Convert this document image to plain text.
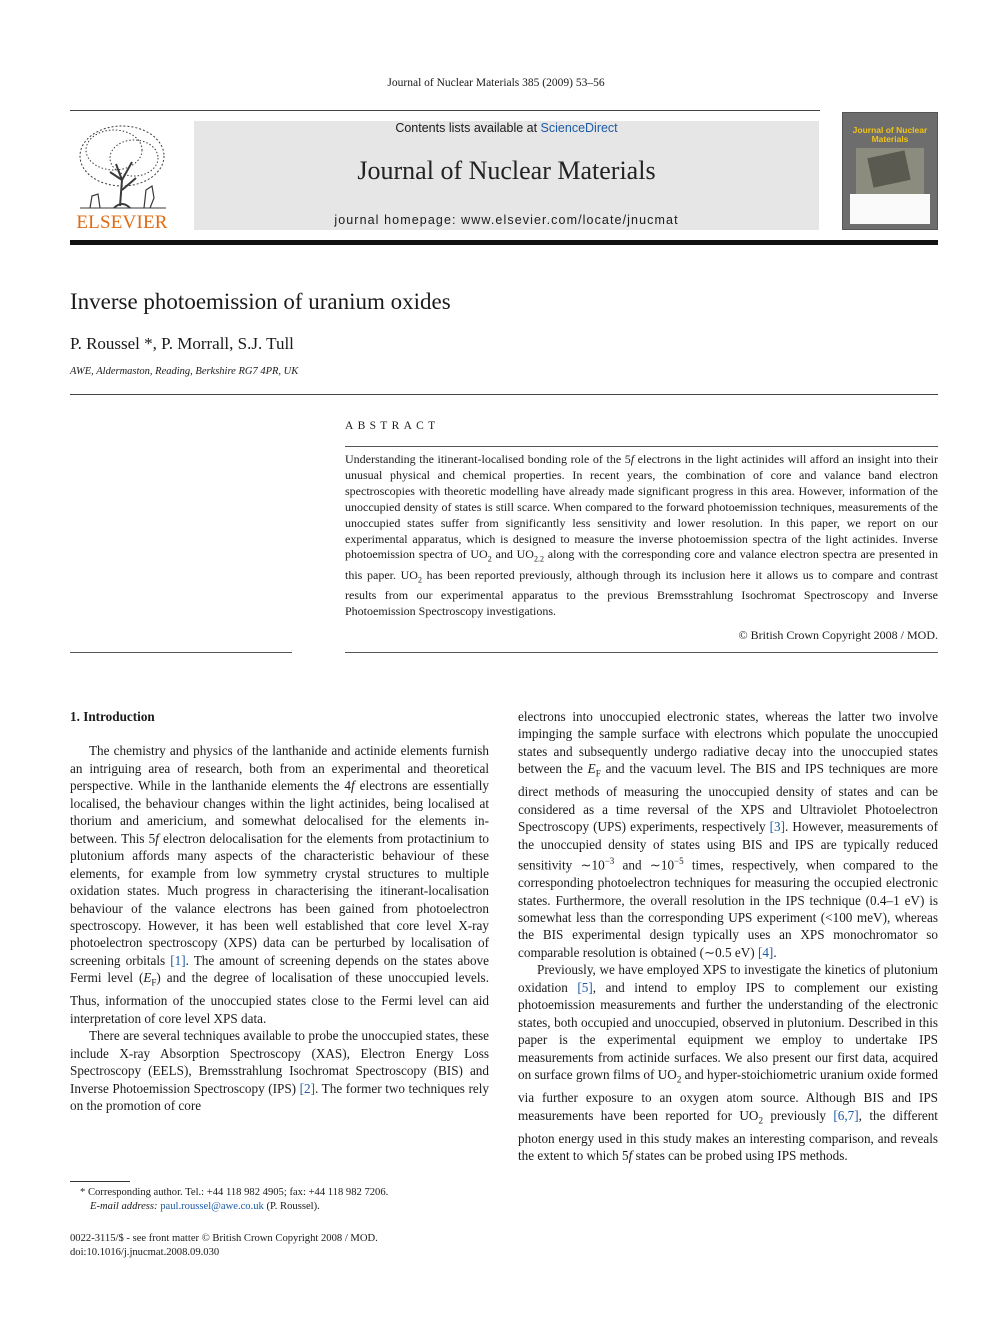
Journal of Nuclear Materials 385 (2009) 53–56
ELSEVIER
Contents lists available at ScienceDirect
Journal of Nuclear Materials
journal homepage: www.elsevier.com/locate/jnucmat
Journal of Nuclear Materials
Inverse photoemission of uranium oxides
P. Roussel *, P. Morrall, S.J. Tull
AWE, Aldermaston, Reading, Berkshire RG7 4PR, UK
ABSTRACT
Understanding the itinerant-localised bonding role of the 5f electrons in the light actinides will afford an insight into their unusual physical and chemical properties. In recent years, the combination of core and valance band electron spectroscopies with theoretic modelling have already made significant progress in this area. However, information of the unoccupied density of states is still scarce. When compared to the forward photoemission techniques, measurements of the unoccupied states suffer from significantly less sensitivity and lower resolution. In this paper, we report on our experimental apparatus, which is designed to measure the inverse photoemission spectra of the light actinides. Inverse photoemission spectra of $UO_2$ and $UO_{2.2}$ along with the corresponding core and valance electron spectra are presented in this paper. $UO_2$ has been reported previously, although through its inclusion here it allows us to compare and contrast results from our experimental apparatus to the previous Bremsstrahlung Isochromat Spectroscopy and Inverse Photoemission Spectroscopy investigations.
© British Crown Copyright 2008 / MOD.
1. Introduction

The chemistry and physics of the lanthanide and actinide elements furnish an intriguing area of research, both from an experimental and theoretical perspective. While in the lanthanide elements the 4f electrons are essentially localised, the behaviour changes within the light actinides, being localised at thorium and americium, and somewhat delocalised for the elements in-between. This 5f electron delocalisation for the elements from protactinium to plutonium affords many aspects of the characteristic behaviour of these elements, for example from low symmetry crystal structures to multiple oxidation states. Much progress in characterising the itinerant-localisation behaviour of the valance electrons has been gained from photoelectron spectroscopy. However, it has been well established that core level X-ray photoelectron spectroscopy (XPS) data can be perturbed by localisation of screening orbitals [1]. The amount of screening depends on the states above Fermi level $(E_F)$ and the degree of localisation of these unoccupied levels. Thus, information of the unoccupied states close to the Fermi level can aid interpretation of core level XPS data.

There are several techniques available to probe the unoccupied states, these include X-ray Absorption Spectroscopy (XAS), Electron Energy Loss Spectroscopy (EELS), Bremsstrahlung Isochromat Spectroscopy (BIS) and Inverse Photoemission Spectroscopy (IPS) [2]. The former two techniques rely on the promotion of core

electrons into unoccupied electronic states, whereas the latter two involve impinging the sample surface with electrons which populate the unoccupied states and subsequently undergo radiative decay into the unoccupied states between the $E_F$ and the vacuum level. The BIS and IPS techniques are more direct methods of measuring the unoccupied density of states and can be considered as a time reversal of the XPS and Ultraviolet Photoelectron Spectroscopy (UPS) experiments, respectively [3]. However, measurements of the unoccupied density of states using BIS and IPS are typically reduced sensitivity $\sim 10^{-3}$ and $\sim 10^{-5}$ times, respectively, when compared to the corresponding photoelectron techniques for measuring the occupied electronic states. Furthermore, the overall resolution in the IPS technique (0.4–1 eV) is somewhat less than the corresponding UPS experiment (<100 meV), whereas the BIS experimental design typically uses an XPS monochromator so comparable resolution is obtained (∼0.5 eV) [4].

Previously, we have employed XPS to investigate the kinetics of plutonium oxidation [5], and intend to employ IPS to complement our existing photoemission measurements and further the understanding of the electronic states, both occupied and unoccupied, observed in plutonium. Described in this paper is the experimental equipment we employ to undertake IPS measurements from actinide surfaces. We also present our first data, acquired on surface grown films of $UO_2$ and hyper-stoichiometric uranium oxide formed via further exposure to an oxygen atom source. Although BIS and IPS measurements have been reported for $UO_2$ previously [6,7], the different photon energy used in this study makes an interesting comparison, and reveals the extent to which 5f states can be probed using IPS methods.

* Corresponding author. Tel.: +44 118 982 4905; fax: +44 118 982 7206.
E-mail address: paul.roussel@awe.co.uk (P. Roussel).
0022-3115/$ - see front matter © British Crown Copyright 2008 / MOD.
doi:10.1016/j.jnucmat.2008.09.030
